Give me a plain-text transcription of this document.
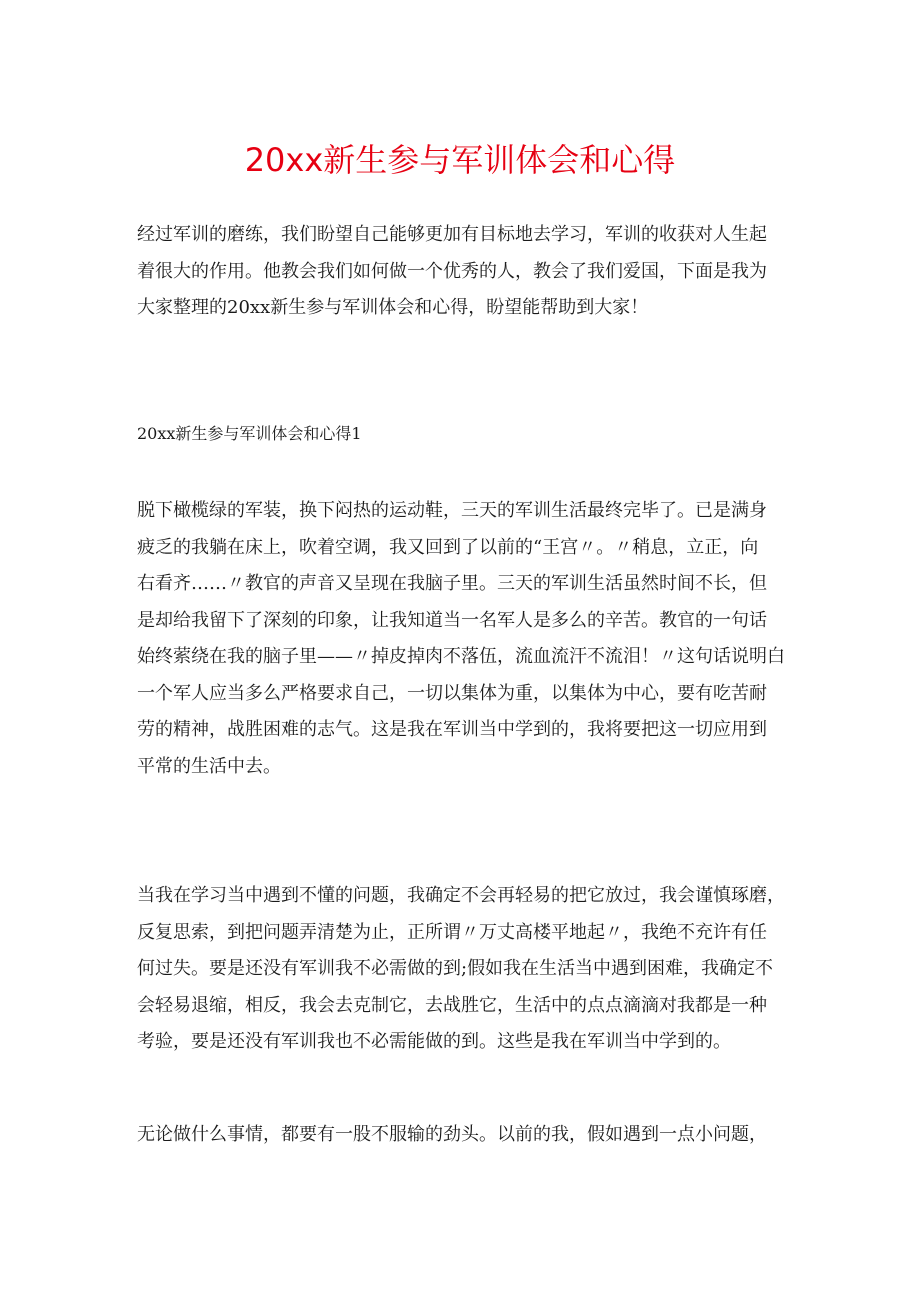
20xx新生参与军训体会和心得

经过军训的磨练，我们盼望自己能够更加有目标地去学习，军训的收获对人生起
着很大的作用。他教会我们如何做一个优秀的人，教会了我们爱国，下面是我为
大家整理的20xx新生参与军训体会和心得，盼望能帮助到大家！

20xx新生参与军训体会和心得1

脱下橄榄绿的军装，换下闷热的运动鞋，三天的军训生活最终完毕了。已是满身
疲乏的我躺在床上，吹着空调，我又回到了以前的“王宫〃。〃稍息，立正，向
右看齐……〃教官的声音又呈现在我脑子里。三天的军训生活虽然时间不长，但
是却给我留下了深刻的印象，让我知道当一名军人是多么的辛苦。教官的一句话
始终萦绕在我的脑子里——〃掉皮掉肉不落伍，流血流汗不流泪！〃这句话说明白
一个军人应当多么严格要求自己，一切以集体为重，以集体为中心，要有吃苦耐
劳的精神，战胜困难的志气。这是我在军训当中学到的，我将要把这一切应用到
平常的生活中去。

当我在学习当中遇到不懂的问题，我确定不会再轻易的把它放过，我会谨慎琢磨，
反复思索，到把问题弄清楚为止，正所谓〃万丈高楼平地起〃，我绝不充许有任
何过失。要是还没有军训我不必需做的到;假如我在生活当中遇到困难，我确定不
会轻易退缩，相反，我会去克制它，去战胜它，生活中的点点滴滴对我都是一种
考验，要是还没有军训我也不必需能做的到。这些是我在军训当中学到的。

无论做什么事情，都要有一股不服输的劲头。以前的我，假如遇到一点小问题，
